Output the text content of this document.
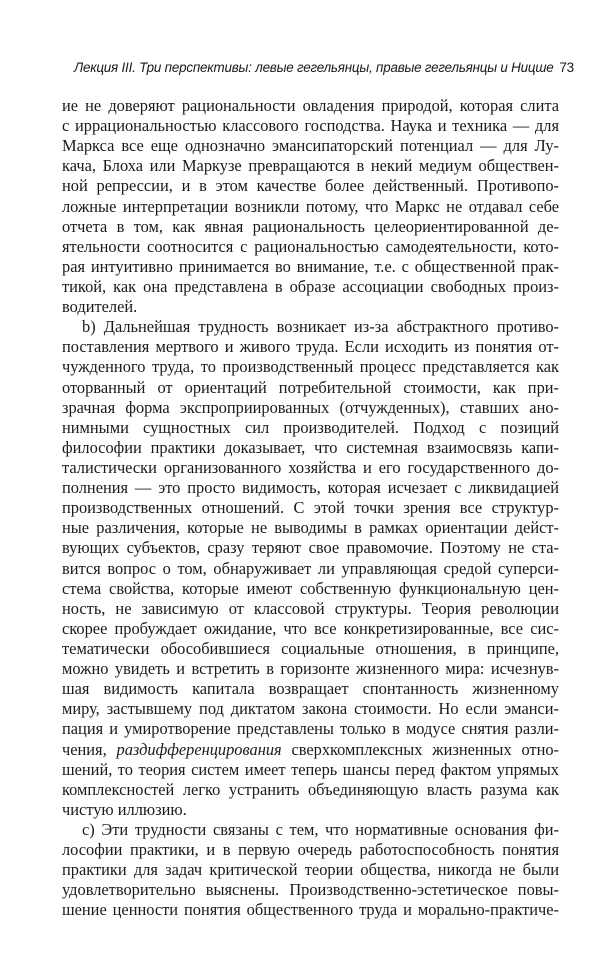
Лекция III. Три перспективы: левые гегельянцы, правые гегельянцы и Ницше 73
ие не доверяют рациональности овладения природой, которая слита
с иррациональностью классового господства. Наука и техника — для
Маркса все еще однозначно эмансипаторский потенциал — для Лу-
кача, Блоха или Маркузе превращаются в некий медиум обществен-
ной репрессии, и в этом качестве более действенный. Противопо-
ложные интерпретации возникли потому, что Маркс не отдавал себе
отчета в том, как явная рациональность целеориентированной де-
ятельности соотносится с рациональностью самодеятельности, кото-
рая интуитивно принимается во внимание, т.е. с общественной прак-
тикой, как она представлена в образе ассоциации свободных произ-
водителей.
b) Дальнейшая трудность возникает из-за абстрактного противо-
поставления мертвого и живого труда. Если исходить из понятия от-
чужденного труда, то производственный процесс представляется как
оторванный от ориентаций потребительной стоимости, как при-
зрачная форма экспроприированных (отчужденных), ставших ано-
нимными сущностных сил производителей. Подход с позиций
философии практики доказывает, что системная взаимосвязь капи-
талистически организованного хозяйства и его государственного до-
полнения — это просто видимость, которая исчезает с ликвидацией
производственных отношений. С этой точки зрения все структур-
ные различения, которые не выводимы в рамках ориентации дейст-
вующих субъектов, сразу теряют свое правомочие. Поэтому не ста-
вится вопрос о том, обнаруживает ли управляющая средой суперси-
стема свойства, которые имеют собственную функциональную цен-
ность, не зависимую от классовой структуры. Теория революции
скорее пробуждает ожидание, что все конкретизированные, все сис-
тематически обособившиеся социальные отношения, в принципе,
можно увидеть и встретить в горизонте жизненного мира: исчезнув-
шая видимость капитала возвращает спонтанность жизненному
миру, застывшему под диктатом закона стоимости. Но если эманси-
пация и умиротворение представлены только в модусе снятия разли-
чения, раздифференцирования сверхкомплексных жизненных отно-
шений, то теория систем имеет теперь шансы перед фактом упрямых
комплексностей легко устранить объединяющую власть разума как
чистую иллюзию.
c) Эти трудности связаны с тем, что нормативные основания фи-
лософии практики, и в первую очередь работоспособность понятия
практики для задач критической теории общества, никогда не были
удовлетворительно выяснены. Производственно-эстетическое повы-
шение ценности понятия общественного труда и морально-практиче-
